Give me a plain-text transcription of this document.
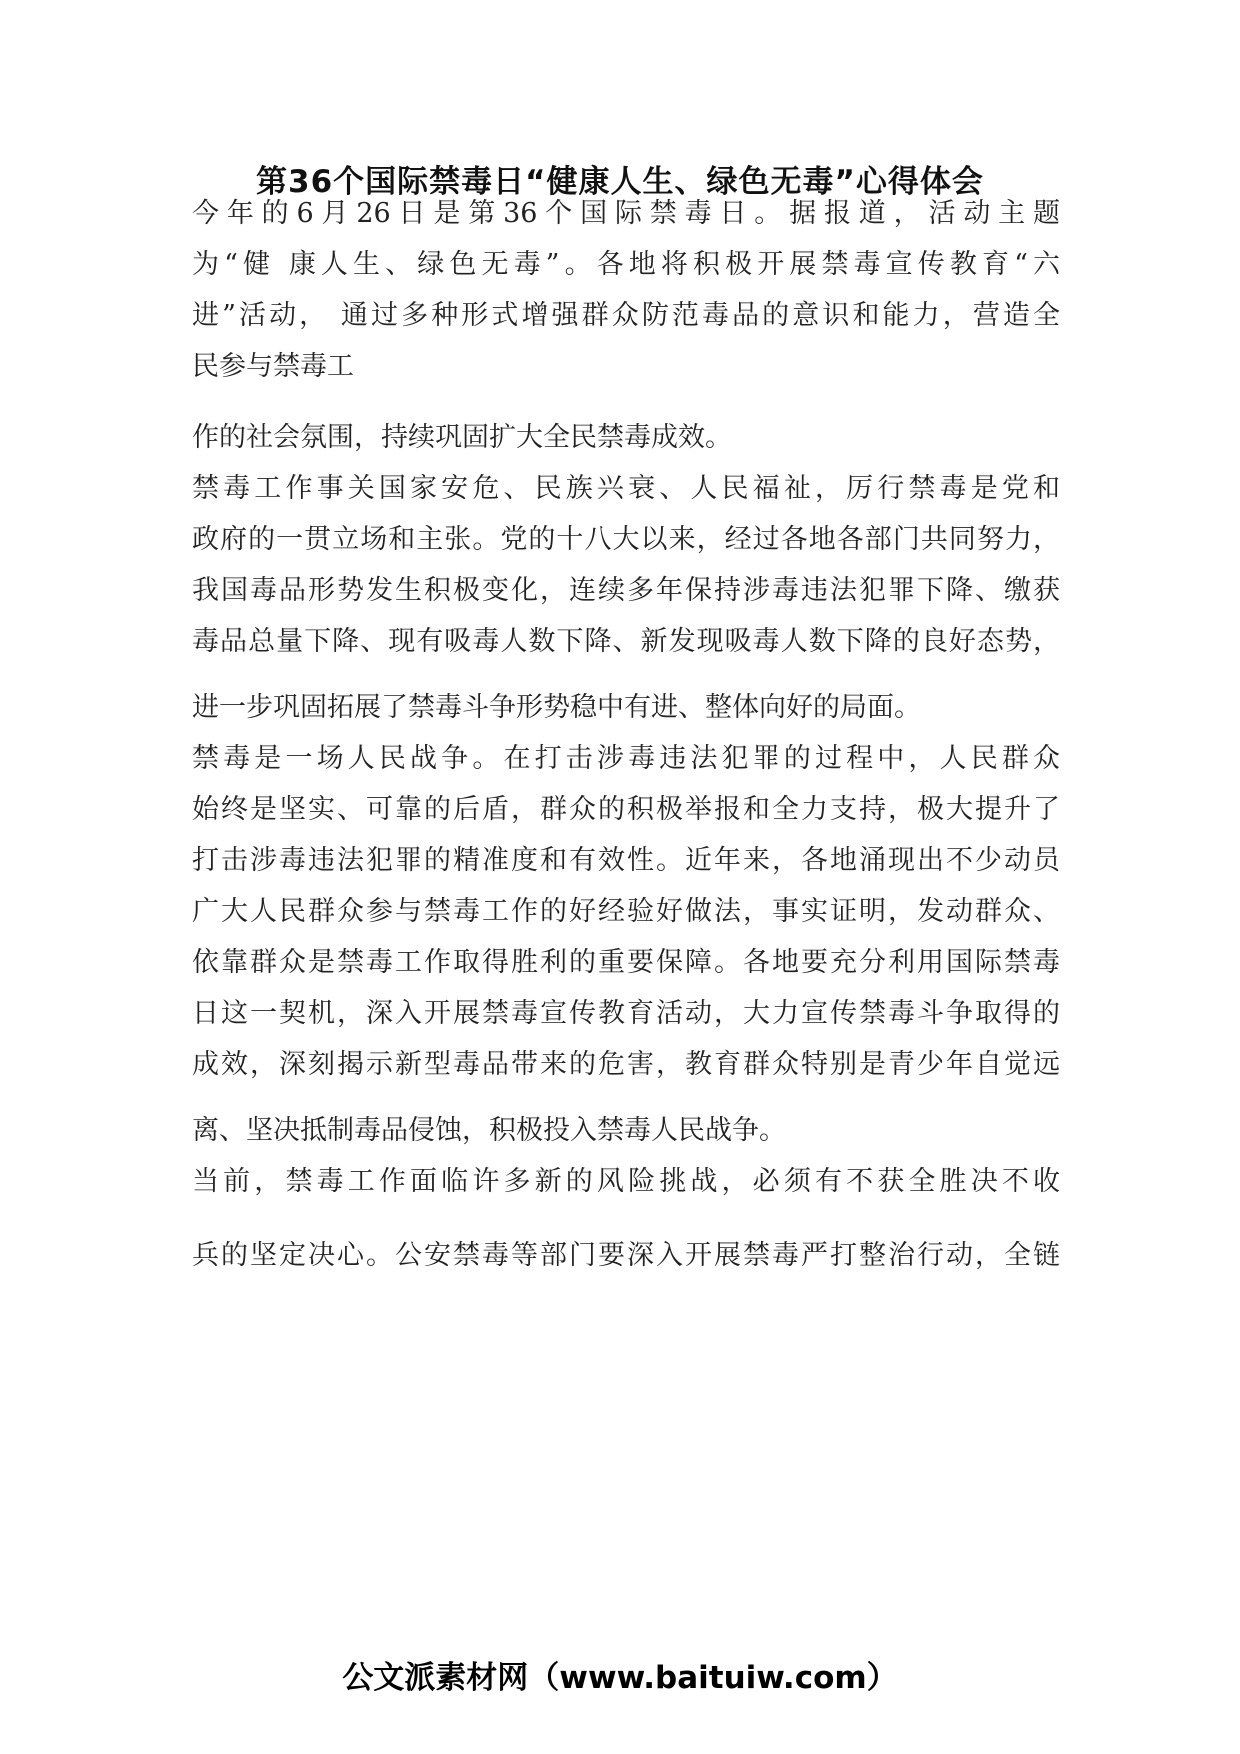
第36个国际禁毒日“健康人生、绿色无毒”心得体会
今年的6月26日是第36个国际禁毒日。据报道，活动主题
为“健 康人生、绿色无毒”。各地将积极开展禁毒宣传教育“六
进”活动， 通过多种形式增强群众防范毒品的意识和能力，营造全
民参与禁毒工
作的社会氛围，持续巩固扩大全民禁毒成效。
禁毒工作事关国家安危、民族兴衰、人民福祉，厉行禁毒是党和
政府的一贯立场和主张。党的十八大以来，经过各地各部门共同努力，
我国毒品形势发生积极变化，连续多年保持涉毒违法犯罪下降、缴获
毒品总量下降、现有吸毒人数下降、新发现吸毒人数下降的良好态势，
进一步巩固拓展了禁毒斗争形势稳中有进、整体向好的局面。
禁毒是一场人民战争。在打击涉毒违法犯罪的过程中，人民群众
始终是坚实、可靠的后盾，群众的积极举报和全力支持，极大提升了
打击涉毒违法犯罪的精准度和有效性。近年来，各地涌现出不少动员
广大人民群众参与禁毒工作的好经验好做法，事实证明，发动群众、
依靠群众是禁毒工作取得胜利的重要保障。各地要充分利用国际禁毒
日这一契机，深入开展禁毒宣传教育活动，大力宣传禁毒斗争取得的
成效，深刻揭示新型毒品带来的危害，教育群众特别是青少年自觉远
离、坚决抵制毒品侵蚀，积极投入禁毒人民战争。
当前，禁毒工作面临许多新的风险挑战，必须有不获全胜决不收
兵的坚定决心。公安禁毒等部门要深入开展禁毒严打整治行动，全链
公文派素材网（www.baituiw.com）
